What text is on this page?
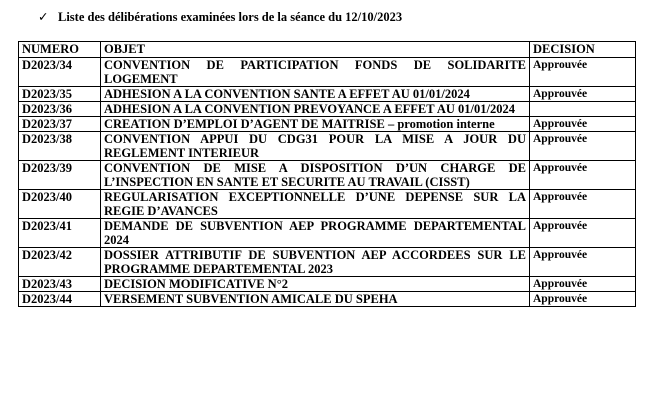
✓ Liste des délibérations examinées lors de la séance du 12/10/2023
NUMERO	OBJET	DECISION
D2023/34	CONVENTION DE PARTICIPATION FONDS DE SOLIDARITE LOGEMENT	Approuvée
D2023/35	ADHESION A LA CONVENTION SANTE A EFFET AU 01/01/2024	Approuvée
D2023/36	ADHESION A LA CONVENTION PREVOYANCE A EFFET AU 01/01/2024	
D2023/37	CREATION D’EMPLOI D’AGENT DE MAITRISE – promotion interne	Approuvée
D2023/38	CONVENTION APPUI DU CDG31 POUR LA MISE A JOUR DU REGLEMENT INTERIEUR	Approuvée
D2023/39	CONVENTION DE MISE A DISPOSITION D’UN CHARGE DE L’INSPECTION EN SANTE ET SECURITE AU TRAVAIL (CISST)	Approuvée
D2023/40	REGULARISATION EXCEPTIONNELLE D’UNE DEPENSE SUR LA REGIE D’AVANCES	Approuvée
D2023/41	DEMANDE DE SUBVENTION AEP PROGRAMME DEPARTEMENTAL 2024	Approuvée
D2023/42	DOSSIER ATTRIBUTIF DE SUBVENTION AEP ACCORDEES SUR LE PROGRAMME DEPARTEMENTAL 2023	Approuvée
D2023/43	DECISION MODIFICATIVE N°2	Approuvée
D2023/44	VERSEMENT SUBVENTION AMICALE DU SPEHA	Approuvée
